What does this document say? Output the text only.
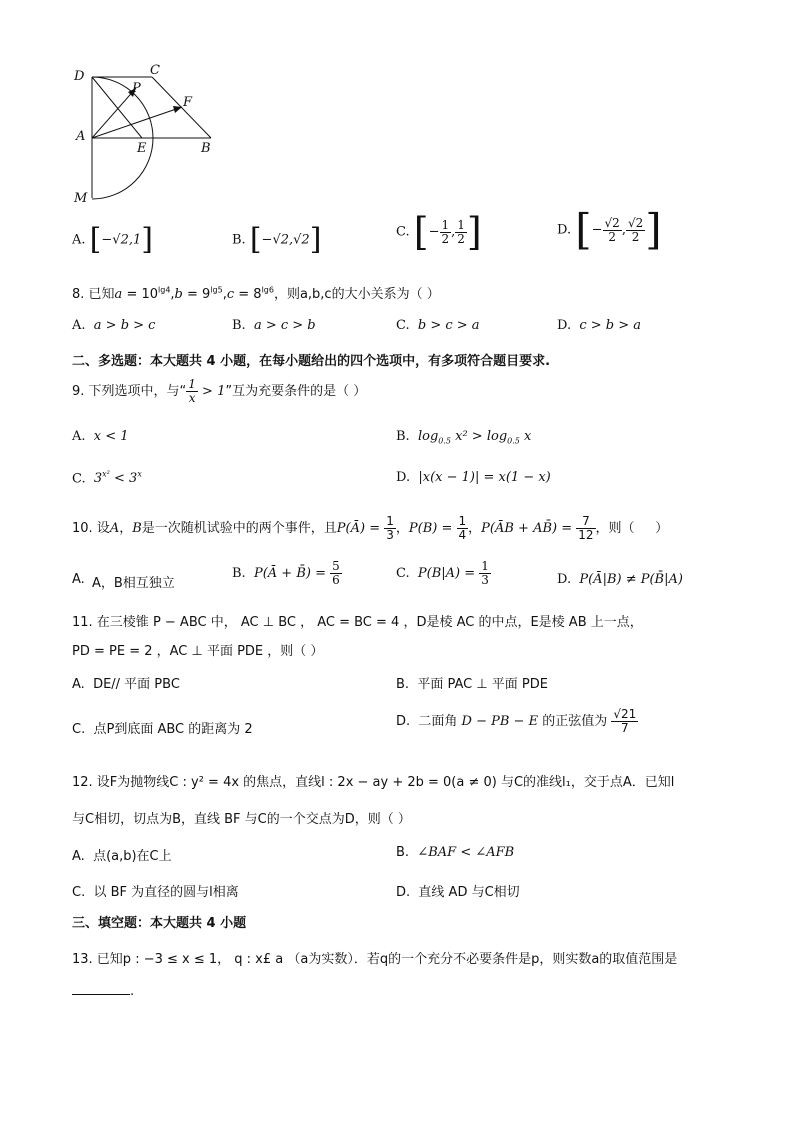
D	C
P
F
A
E	B
M
A. [−√2,1]	B. [−√2,√2]	C. [− $\frac{1}{2}$ , $\frac{1}{2}$ ]	D. [− $\frac{√2}{2}$ , $\frac{√2}{2}$ ]
8. 已知$a = 10^{lg4},b = 9^{lg5},c = 8^{lg6}$，则a,b,c的大小关系为（ ）
A. a > b > c	B. a > c > b	C. b > c > a	D. c > b > a
二、多选题：本大题共 4 小题，在每小题给出的四个选项中，有多项符合题目要求.
9. 下列选项中，与“ $\frac{1}{x} > 1$”互为充要条件的是（ ）
A. x < 1	B. $\log_{0.5} x^2 > \log_{0.5} x$
C. $3^{x^2} < 3^x$	D. |x(x − 1)| = x(1 − x)
10. 设A，B是一次随机试验中的两个事件，且P(Ā) = $\frac{1}{3}$ ，$P(B) = \frac{1}{4}$ ，P(ĀB + AB̄) = $\frac{7}{12}$ ，则（     ）
A. A，B相互独立
B. P(Ā + B̄) = $\frac{5}{6}$	C. $P(B|A) = \frac{1}{3}$	D. P(Ā|B) ≠ P(B̄|A)
11. 在三棱锥 P − ABC 中， AC ⊥ BC ， AC = BC = 4 ，D是棱 AC 的中点，E是棱 AB 上一点，
PD = PE = 2 ，AC ⊥ 平面 PDE ，则（ ）
A. DE// 平面 PBC	B. 平面 PAC ⊥ 平面 PDE
C. 点P到底面 ABC 的距离为 2
D.  二面角 D − PB − E 的正弦值为 $\frac{√21}{7}$
12. 设F为抛物线C : y² = 4x 的焦点，直线l : 2x − ay + 2b = 0(a ≠ 0) 与C的准线l₁，交于点A．已知l
与C相切，切点为B，直线 BF 与C的一个交点为D，则（ ）
A. 点(a,b)在C上	B. ∠BAF < ∠AFB
C. 以 BF 为直径的圆与l相离	D. 直线 AD 与C相切
三、填空题：本大题共 4 小题
13. 已知p : −3 ≤ x ≤ 1， q : x£ a （a为实数）．若q的一个充分不必要条件是p，则实数a的取值范围是
.
